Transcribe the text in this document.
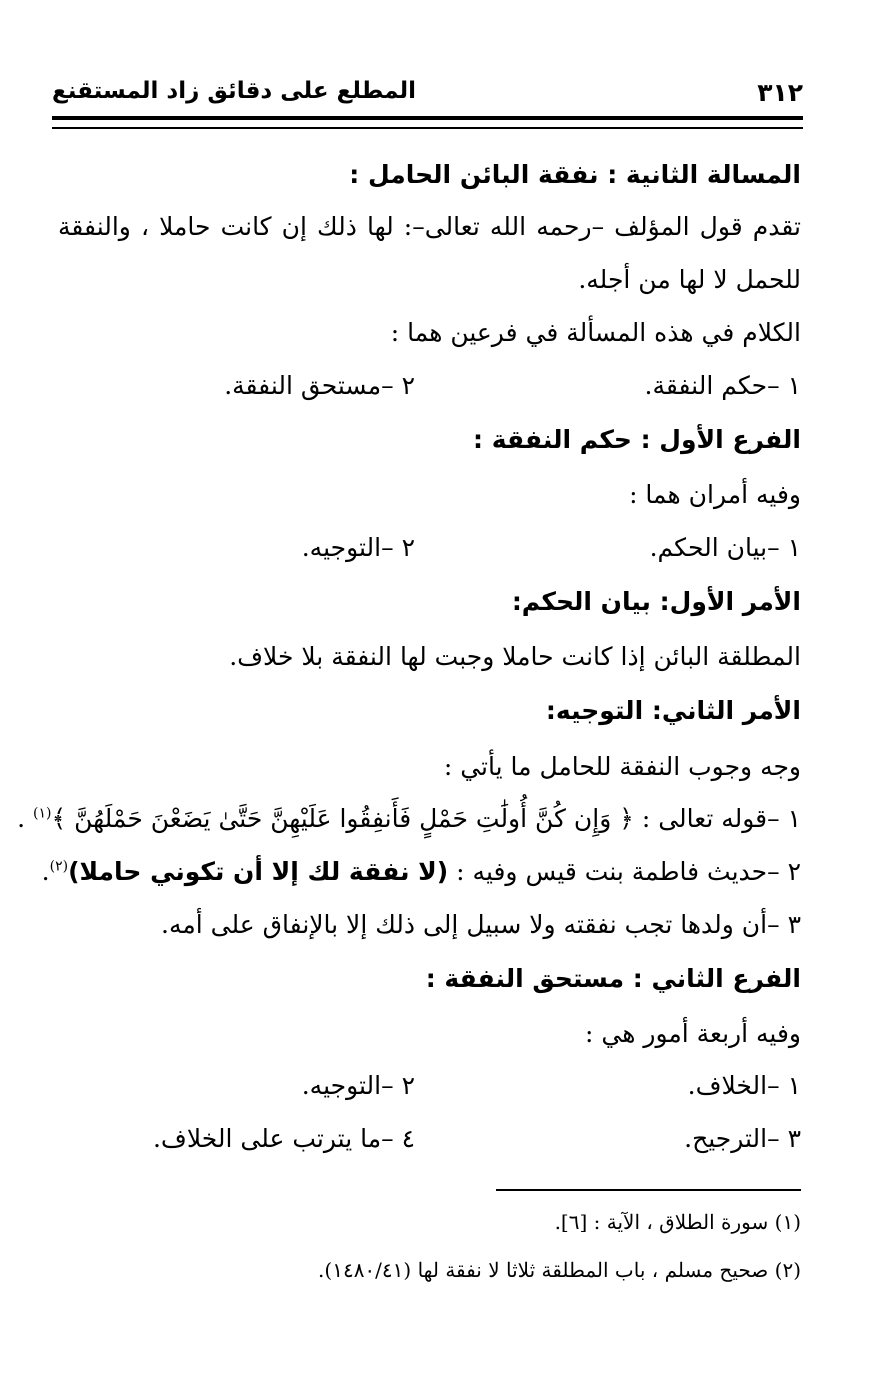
٣١٢
المطلع على دقائق زاد المستقنع
المسالة الثانية : نفقة البائن الحامل :
تقدم قول المؤلف –رحمه الله تعالى–: لها ذلك إن كانت حاملا ، والنفقة
للحمل لا لها من أجله.
الكلام في هذه المسألة في فرعين هما :
١ –حكم النفقة.
٢ –مستحق النفقة.
الفرع الأول : حكم النفقة :
وفيه أمران هما :
١ –بيان الحكم.
٢ –التوجيه.
الأمر الأول: بيان الحكم:
المطلقة البائن إذا كانت حاملا وجبت لها النفقة بلا خلاف.
الأمر الثاني: التوجيه:
وجه وجوب النفقة للحامل ما يأتي :
١ –قوله تعالى : ﴿ وَإِن كُنَّ أُولَٰتِ حَمْلٍ فَأَنفِقُوا عَلَيْهِنَّ حَتَّىٰ يَضَعْنَ حَمْلَهُنَّ ﴾$^{(١)}$ .
٢ –حديث فاطمة بنت قيس وفيه : (لا نفقة لك إلا أن تكوني حاملا)$^{(٢)}$.
٣ –أن ولدها تجب نفقته ولا سبيل إلى ذلك إلا بالإنفاق على أمه.
الفرع الثاني : مستحق النفقة :
وفيه أربعة أمور هي :
١ –الخلاف.
٢ –التوجيه.
٣ –الترجيح.
٤ –ما يترتب على الخلاف.
(١) سورة الطلاق ، الآية : [٦].
(٢) صحيح مسلم ، باب المطلقة ثلاثا لا نفقة لها (١٤٨٠/٤١).
